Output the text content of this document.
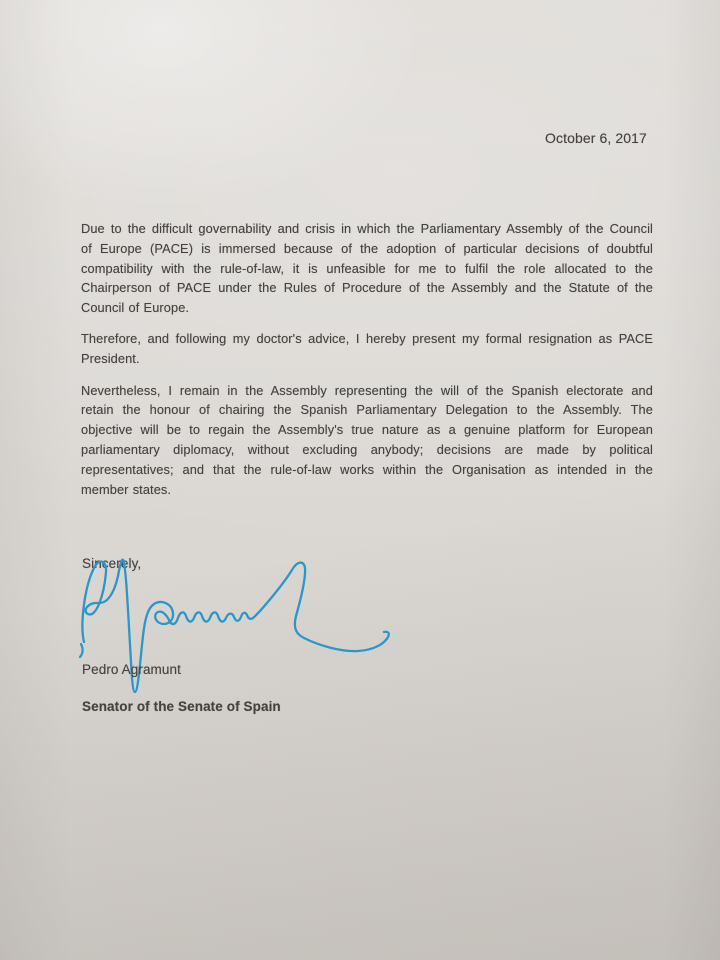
October 6, 2017
Due to the difficult governability and crisis in which the Parliamentary Assembly of the Council
of Europe (PACE) is immersed because of the adoption of particular decisions of doubtful
compatibility with the rule-of-law, it is unfeasible for me to fulfil the role allocated to the
Chairperson of PACE under the Rules of Procedure of the Assembly and the Statute of the
Council of Europe.
Therefore, and following my doctor's advice, I hereby present my formal resignation as PACE
President.
Nevertheless, I remain in the Assembly representing the will of the Spanish electorate and
retain the honour of chairing the Spanish Parliamentary Delegation to the Assembly. The
objective will be to regain the Assembly's true nature as a genuine platform for European
parliamentary diplomacy, without excluding anybody; decisions are made by political
representatives; and that the rule-of-law works within the Organisation as intended in the
member states.
Sincerely,
Pedro Agramunt
Senator of the Senate of Spain
